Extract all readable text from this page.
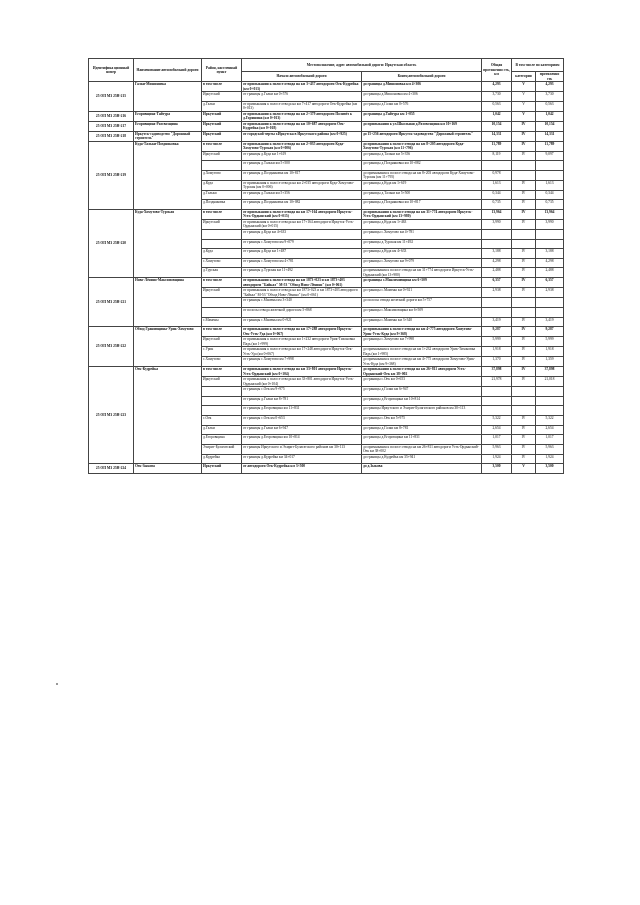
Идентифика ционный номер	Наименование автомобильной дороги	Район, населенный пункт	Местоположение, адрес автомобильной дороги: Иркутская область		Общая протяженно сть, км	В том числе по категориям	
			Начало автомобильной дороги	Конец автомобильной дороги		категория	протяженно сть
25 ОП МЗ 25Н-215	Галки-Мишоновка	в том числе	от примыкания к полосе отвода на км 3+437 автодороги Оек-Кудрейка (км 0+013)	до границы д.Мишоновка км 4+306	4,293	V	4,293
		Иркутский	от границы д.Галки км 0+576	до границы д.Мишоновка км 4+306	3,730	V	3,730
		д.Галки	от примыкания к полосе отвода на км 7+417 автодороги Оек-Кудрейка (км 0+013)	до границы д.Галки км 0+576	0,563	V	0,563
25 ОП МЗ 25Н-216	Егоровщина-Тайтура	Иркутский	от примыкания к полосе отвода на км 2+379 автодороги Поливёз к д.Горяшина (км 0+013)	до границы д.Тайтура км 1+055	1,042	V	1,042
25 ОП МЗ 25Н-217	Егоровщина-Разсвозщина	Иркутский	от примыкания к полосе отвода на км 10+687 автодороги Оек-Кудрейка (км 0+018)	до примыкания к ул.Школьная д.Разсвозщина км 10+169	10,154	IV	10,154
25 ОП МЗ 25Н-218	Иркутск-садоводство "Дорожный строитель"	Иркутский	от городской черты г.Иркутска в Иркутского района (км 0+925)	до 15+256 автодороги Иркутск-садоводство "Дорожный строитель"	14,331	IV	14,331
25 ОП МЗ 25Н-219	Куда-Тальки-Поздняковка	в том числе	от примыкания к полосе отвода на км 2+035 автодороги Куда-Хомутово-Турская (км 0+006)	до примыкания к полосе отвода на км 8+205 автодороги Куда-Хомутово-Турская (км 11+796)	11,789	IV	11,789
		Иркутский	от границы д.Куда км 1+619	до границы д.Тальки км 5+356	8,119	IV	9,097
			от границы д.Тальки км 5+500	до границы д.Поздняковка км 10+082			
		д.Хомутово	от границы д.Поздняковка км 10+817	до примыкания к полосе отвода на км 8+203 автодороги Куда-Хомутово-Турская (км 11+795)	0,978		
		д.Куда	от примыкания к полосе отвода на км 2+035 автодороги Куда-Хомутово-Турская (км 0+006)	до границы д.Куда км 1+619	1,613	IV	1,613
		д.Тальки	от границы д.Тальки км 5+356	до границы д.Тальки км 5+500	0,344	IV	0,344
		д.Поздняковка	от границы д.Поздняковка км 10+082	до границы д.Поздняковка км 10+817	0,735	IV	0,735
25 ОП МЗ 25Н-220	Куда-Хомутово-Турская	в том числе	от примыкания к полосе отвода на км 17+164 автодороги Иркутск-Усть-Ордынский (км 0+015)	до примыкания к полосе отвода на км 31+774 автодороги Иркутск-Усть-Ордынский (км 13+980)	13,964	IV	13,964
		Иркутский	от примыкания к полосе отвода на км 17+164 автодороги Иркутск-Усть-Ордынский (км 0+015)	до границы д.Куда км 1+463	3,990	IV	3,990
			от границы д.Куда км 4+633	до границы с.Хомутово км 4+781			
			от границы с.Хомутово км 9+079	до границы д.Турская км 11+492			
		д.Куда	от границы д.Куда км 1+487	до границы д.Куда км 4+633	3,188	IV	3,188
		с.Хомутово	от границы с.Хомутово км 4+781	до границы с.Хомутово км 9+079	4,298	IV	4,298
		д.Турская	от границы д.Турская км 11+492	до примыкания к полосе отвода на км 31+774 автодороги Иркутск-Усть-Ордынский (км 13+980)	2,488	IV	2,488
25 ОП МЗ 25Н-221	Ново-Лёнино-Максимовщина	в том числе	от примыкания к полосе отвода на км 1873+023 и км 1873+403 автодороги "Байкал" М-53 "Обход Ново-Лёнино" (км 0+061)	до границы с.Максимовщина км 6+509	6,357	IV	6,357
		Иркутский	от примыкания к полосе отвода на км 1873+023 и км 1873+403 автодороги "Байкал" М-53 "Обход Ново-Лёнино" (км 0+061)	до границы с.Мамены км 0+921	2,938	IV	2,938
			от границы с.Мамены км 3+340	до полосы отвода железной дороги км 5+757			
			от полосы отвода железной дороги км 5+868	до границы с.Максимовщина км 6+509			
		с.Мамены	от границы с.Мамены км 0+921	до границы с.Мамены км 3+340	3,419	IV	3,419
25 ОП МЗ 25Н-222	Обход Грановщины-Урик-Хомутово	в том числе	от примыкания к полосе отвода на км 17+288 автодороги Иркутск-Оек-Усть-Уда (км 0+067)	до примыкания к полосе отвода на км 4+775 автодороги Хомутово-Урик-Усть-Куда (км 9+368)	9,287	IV	9,287
		Иркутский	от примыкания к полосе отвода на км 1+232 автодороги Урик-Тихоновка Падь (км 1+999)	до границы с.Хомутово км 7+998	5,999	IV	5,999
		с.Урик	от примыкания к полосе отвода на км 17+248 автодороги Иркутск-Оек-Усть-Уда (км 0+067)	до примыкания к полосе отвода на км 1+232 автодороги Урик-Тихоновка Падь (км 1+985)	1,918	IV	1,918
		с.Хомутово	от границы с.Хомутово км 7+998	до примыкания к полосе отвода на км 4+775 автодороги Хомутово-Урик-Усть-Куда (км 9+368)	1,370	IV	1,359
25 ОП МЗ 25Н-223	Оек-Кудрейка	в том числе	от примыкания к полосе отвода на км 33+801 автодороги Иркутск-Усть-Ордынский (км 0+104)	до примыкания к полосе отвода на км 26+811 автодороги Усть-Ордынский-Оек км 38+002	37,898	IV	37,898
		Иркутский	от примыкания к полосе отвода на км 33+801 автодороги Иркутск-Усть-Ордынский (км 0+104)	до границы с.Оек км 0+653	21,978	IV	21,018
			от границы с.Оек км 9+975	до границы д.Галки км 6+947			
			от границы д.Галки км 8+781	до границы д.Егоровщина км 10+814			
			от границы д.Егоровщина км 11+831	до границы Иркутского и Эхирит-Булагатского районов км 30+113			
		с.Оек	от границы с.Оек км 0+653	до границы с.Оек км 5+975	5,322	IV	5,322
		д.Галки	от границы д.Галки км 6+947	до границы д.Галки км 8+781	2,654	IV	2,654
		д.Егоровщина	от границы д.Егоровщина км 10+814	до границы д.Егоровщина км 11+831	1,017	IV	1,017
		Эхирит-Булагатский	от границы Иркутского и Эхирит-Булагатского районов км 30+113	до примыкания к полосе отвода на км 26+811 автодороги Усть-Ордынский-Оек км 38+002	5,963	IV	5,963
		д.Кудрейка	от границы д.Кудрейка км 34+017	до границы д.Кудрейка км 35+941	1,924	IV	1,924
25 ОП МЗ 25Н-224	Оек-Зыкова	Иркутский	от автодороги Оек-Кудрейка км 3+500	до д.Зыкова	3,500	V	3,500
